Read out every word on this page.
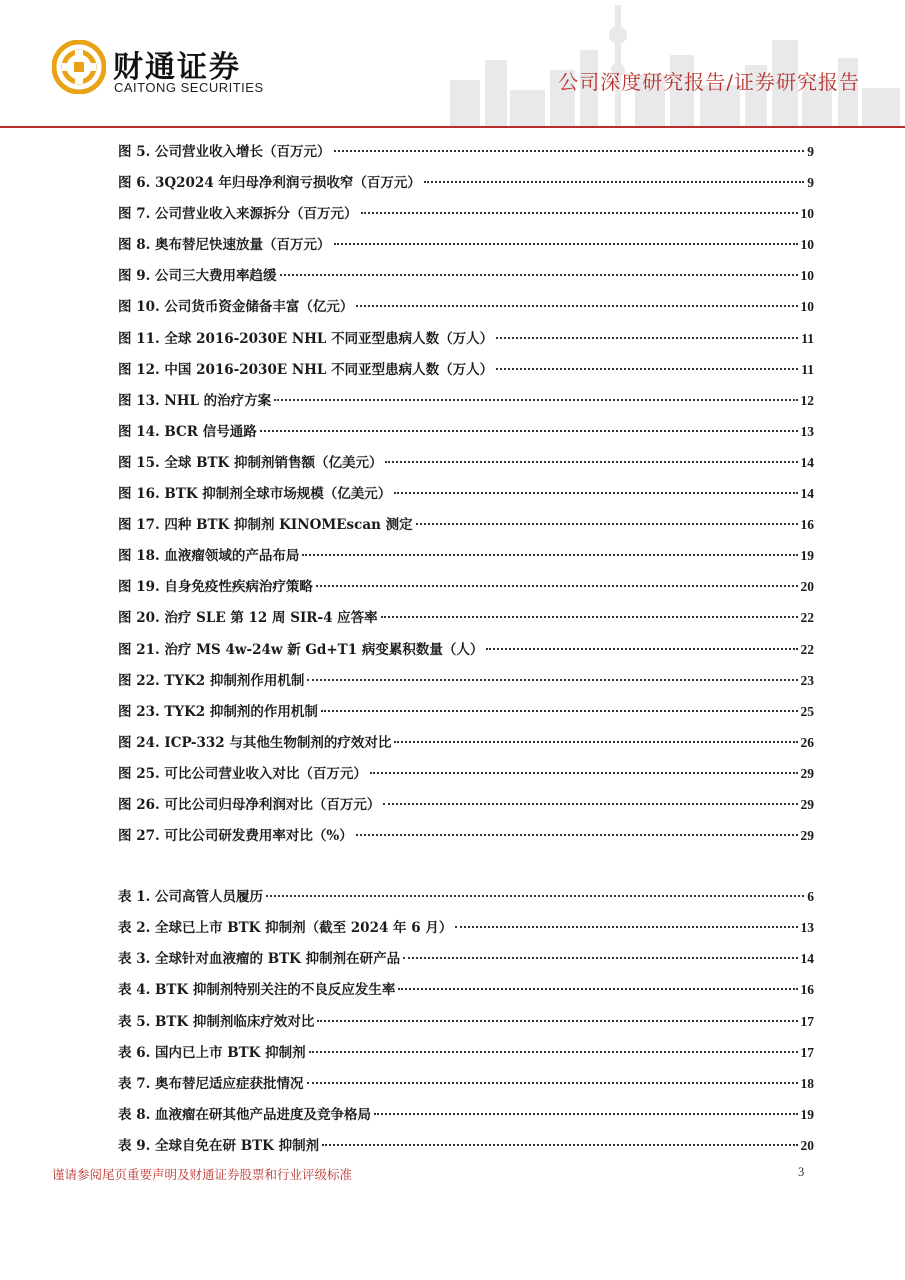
财通证券
CAITONG SECURITIES	公司深度研究报告/证券研究报告
图 5. 公司营业收入增长（百万元）	9
图 6. 3Q2024 年归母净利润亏损收窄（百万元）	9
图 7. 公司营业收入来源拆分（百万元）	10
图 8. 奥布替尼快速放量（百万元）	10
图 9. 公司三大费用率趋缓	10
图 10. 公司货币资金储备丰富（亿元）	10
图 11. 全球 2016-2030E NHL 不同亚型患病人数（万人）	11
图 12. 中国 2016-2030E NHL 不同亚型患病人数（万人）	11
图 13. NHL 的治疗方案	12
图 14. BCR 信号通路	13
图 15. 全球 BTK 抑制剂销售额（亿美元）	14
图 16. BTK 抑制剂全球市场规模（亿美元）	14
图 17. 四种 BTK 抑制剂 KINOMEscan 测定	16
图 18. 血液瘤领域的产品布局	19
图 19. 自身免疫性疾病治疗策略	20
图 20. 治疗 SLE 第 12 周 SIR-4 应答率	22
图 21. 治疗 MS 4w-24w 新 Gd+T1 病变累积数量（人）	22
图 22. TYK2 抑制剂作用机制	23
图 23. TYK2 抑制剂的作用机制	25
图 24. ICP-332 与其他生物制剂的疗效对比	26
图 25. 可比公司营业收入对比（百万元）	29
图 26. 可比公司归母净利润对比（百万元）	29
图 27. 可比公司研发费用率对比（%）	29
表 1. 公司高管人员履历	6
表 2. 全球已上市 BTK 抑制剂（截至 2024 年 6 月）	13
表 3. 全球针对血液瘤的 BTK 抑制剂在研产品	14
表 4. BTK 抑制剂特别关注的不良反应发生率	16
表 5. BTK 抑制剂临床疗效对比	17
表 6. 国内已上市 BTK 抑制剂	17
表 7. 奥布替尼适应症获批情况	18
表 8. 血液瘤在研其他产品进度及竞争格局	19
表 9. 全球自免在研 BTK 抑制剂	20
谨请参阅尾页重要声明及财通证券股票和行业评级标准	3
